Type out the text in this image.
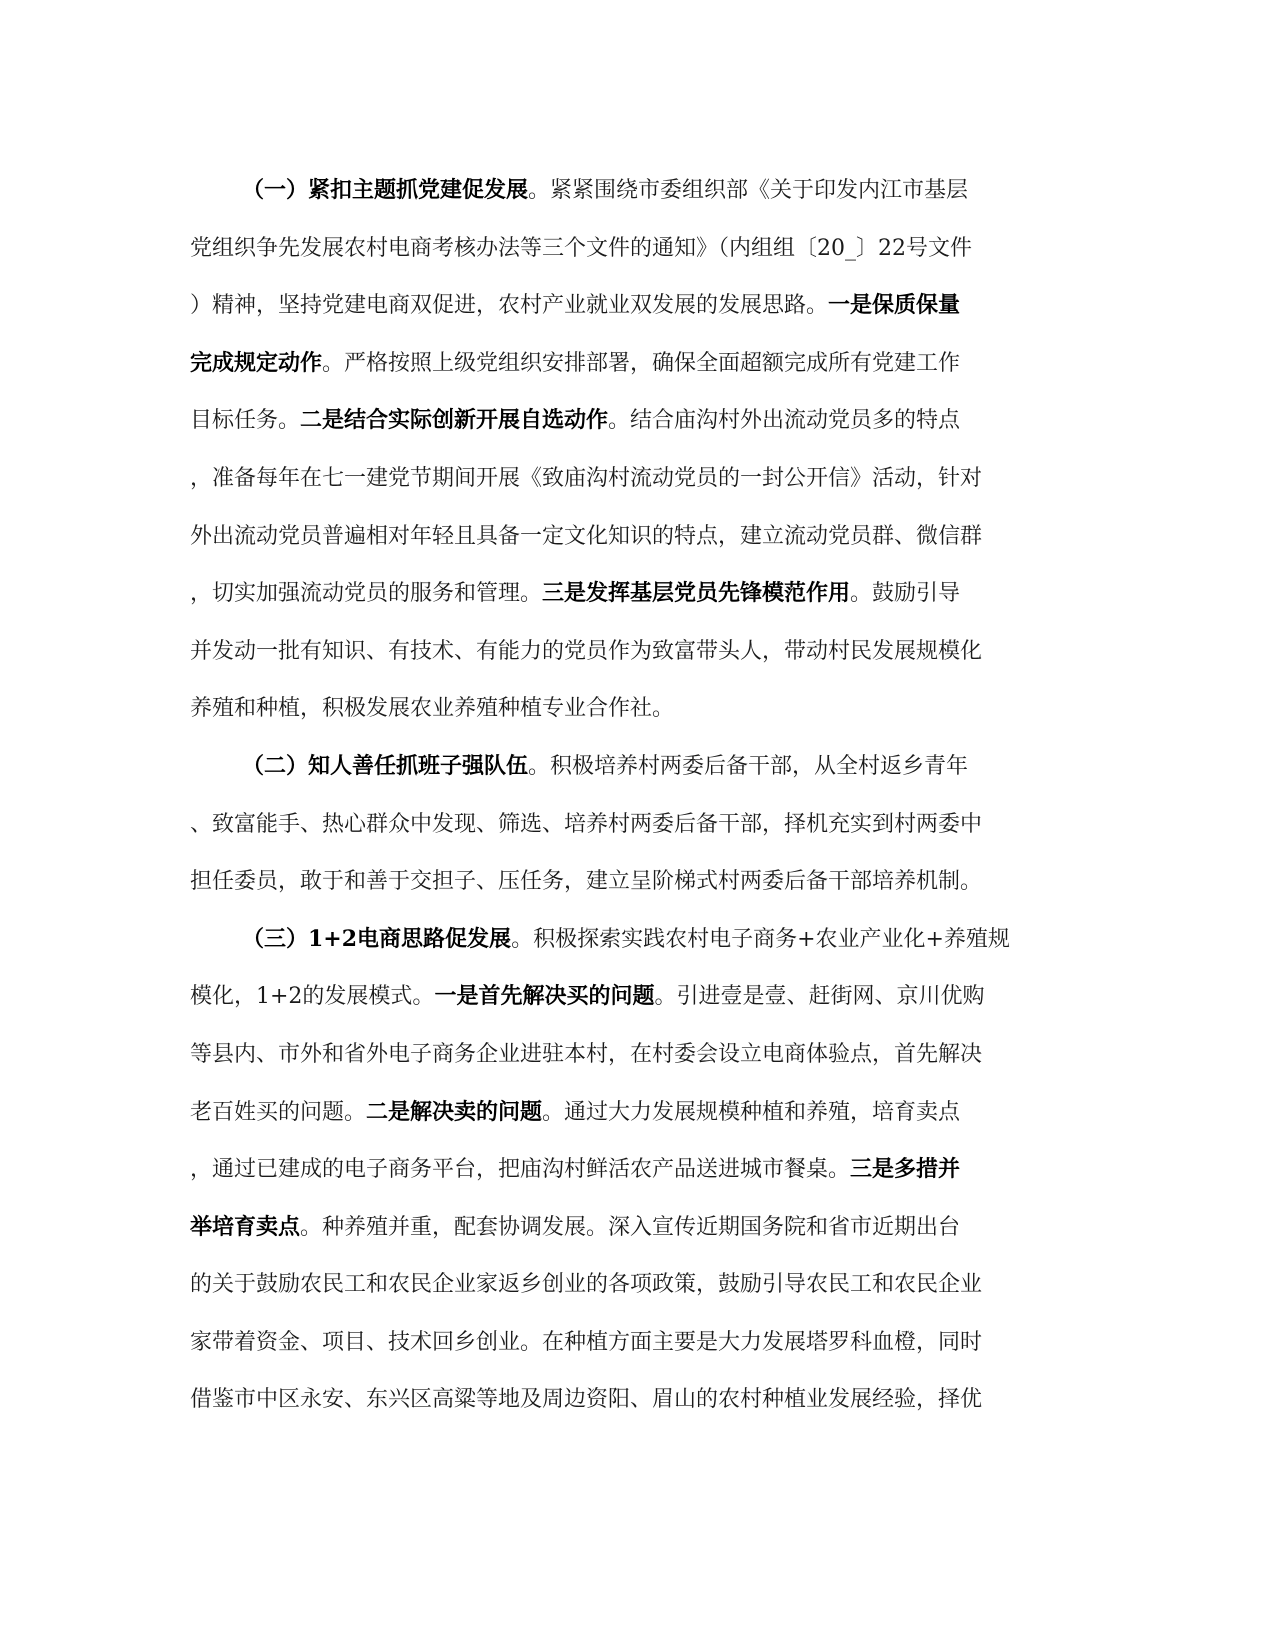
（一）紧扣主题抓党建促发展。紧紧围绕市委组织部《关于印发内江市基层
党组织争先发展农村电商考核办法等三个文件的通知》（内组组〔20_〕22号文件
）精神，坚持党建电商双促进，农村产业就业双发展的发展思路。一是保质保量
完成规定动作。严格按照上级党组织安排部署，确保全面超额完成所有党建工作
目标任务。二是结合实际创新开展自选动作。结合庙沟村外出流动党员多的特点
，准备每年在七一建党节期间开展《致庙沟村流动党员的一封公开信》活动，针对
外出流动党员普遍相对年轻且具备一定文化知识的特点，建立流动党员群、微信群
，切实加强流动党员的服务和管理。三是发挥基层党员先锋模范作用。鼓励引导
并发动一批有知识、有技术、有能力的党员作为致富带头人，带动村民发展规模化
养殖和种植，积极发展农业养殖种植专业合作社。
（二）知人善任抓班子强队伍。积极培养村两委后备干部，从全村返乡青年
、致富能手、热心群众中发现、筛选、培养村两委后备干部，择机充实到村两委中
担任委员，敢于和善于交担子、压任务，建立呈阶梯式村两委后备干部培养机制。
（三）1+2电商思路促发展。积极探索实践农村电子商务+农业产业化+养殖规
模化，1+2的发展模式。一是首先解决买的问题。引进壹是壹、赶街网、京川优购
等县内、市外和省外电子商务企业进驻本村，在村委会设立电商体验点，首先解决
老百姓买的问题。二是解决卖的问题。通过大力发展规模种植和养殖，培育卖点
，通过已建成的电子商务平台，把庙沟村鲜活农产品送进城市餐桌。三是多措并
举培育卖点。种养殖并重，配套协调发展。深入宣传近期国务院和省市近期出台
的关于鼓励农民工和农民企业家返乡创业的各项政策，鼓励引导农民工和农民企业
家带着资金、项目、技术回乡创业。在种植方面主要是大力发展塔罗科血橙，同时
借鉴市中区永安、东兴区高粱等地及周边资阳、眉山的农村种植业发展经验，择优
